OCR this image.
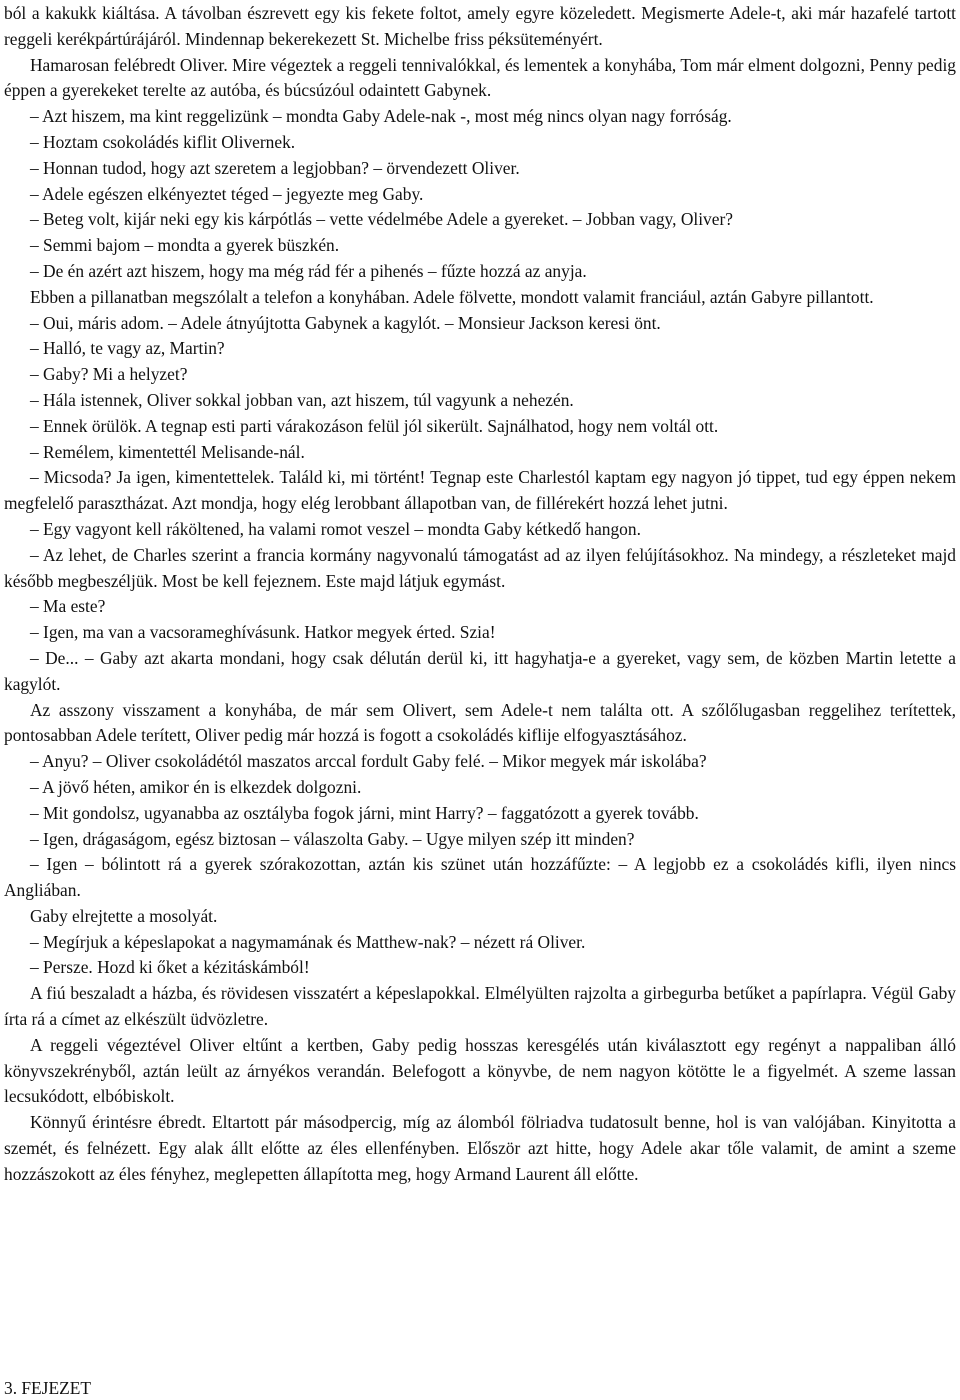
ból a kakukk kiáltása. A távolban észrevett egy kis fekete foltot, amely egyre közeledett. Megismerte Adele-t, aki már hazafelé tartott reggeli kerékpártúrájáról. Mindennap bekerekezett St. Michelbe friss péksüteményért.

Hamarosan felébredt Oliver. Mire végeztek a reggeli tennivalókkal, és lementek a konyhába, Tom már elment dolgozni, Penny pedig éppen a gyerekeket terelte az autóba, és búcsúzóul odaintett Gabynek.

– Azt hiszem, ma kint reggelizünk – mondta Gaby Adele-nak -, most még nincs olyan nagy forróság.

– Hoztam csokoládés kiflit Olivernek.

– Honnan tudod, hogy azt szeretem a legjobban? – örvendezett Oliver.

– Adele egészen elkényeztet téged – jegyezte meg Gaby.

– Beteg volt, kijár neki egy kis kárpótlás – vette védelmébe Adele a gyereket. – Jobban vagy, Oliver?

– Semmi bajom – mondta a gyerek büszkén.

– De én azért azt hiszem, hogy ma még rád fér a pihenés – fűzte hozzá az anyja.

Ebben a pillanatban megszólalt a telefon a konyhában. Adele fölvette, mondott valamit franciául, aztán Gabyre pillantott.

– Oui, máris adom. – Adele átnyújtotta Gabynek a kagylót. – Monsieur Jackson keresi önt.

– Halló, te vagy az, Martin?

– Gaby? Mi a helyzet?

– Hála istennek, Oliver sokkal jobban van, azt hiszem, túl vagyunk a nehezén.

– Ennek örülök. A tegnap esti parti várakozáson felül jól sikerült. Sajnálhatod, hogy nem voltál ott.

– Remélem, kimentettél Melisande-nál.

– Micsoda? Ja igen, kimentettelek. Találd ki, mi történt! Tegnap este Charlestól kaptam egy nagyon jó tippet, tud egy éppen nekem megfelelő parasztházat. Azt mondja, hogy elég lerobbant állapotban van, de fillérekért hozzá lehet jutni.

– Egy vagyont kell ráköltened, ha valami romot veszel – mondta Gaby kétkedő hangon.

– Az lehet, de Charles szerint a francia kormány nagyvonalú támogatást ad az ilyen felújításokhoz. Na mindegy, a részleteket majd később megbeszéljük. Most be kell fejeznem. Este majd látjuk egymást.

– Ma este?

– Igen, ma van a vacsorameghívásunk. Hatkor megyek érted. Szia!

– De... – Gaby azt akarta mondani, hogy csak délután derül ki, itt hagyhatja-e a gyereket, vagy sem, de közben Martin letette a kagylót.

Az asszony visszament a konyhába, de már sem Olivert, sem Adele-t nem találta ott. A szőlőlugasban reggelihez terítettek, pontosabban Adele terített, Oliver pedig már hozzá is fogott a csokoládés kiflije elfogyasztásához.

– Anyu? – Oliver csokoládétól maszatos arccal fordult Gaby felé. – Mikor megyek már iskolába?

– A jövő héten, amikor én is elkezdek dolgozni.

– Mit gondolsz, ugyanabba az osztályba fogok járni, mint Harry? – faggatózott a gyerek tovább.

– Igen, drágaságom, egész biztosan – válaszolta Gaby. – Ugye milyen szép itt minden?

– Igen – bólintott rá a gyerek szórakozottan, aztán kis szünet után hozzáfűzte: – A legjobb ez a csokoládés kifli, ilyen nincs Angliában.

Gaby elrejtette a mosolyát.

– Megírjuk a képeslapokat a nagymamának és Matthew-nak? – nézett rá Oliver.

– Persze. Hozd ki őket a kézitáskámból!

A fiú beszaladt a házba, és rövidesen visszatért a képeslapokkal. Elmélyülten rajzolta a girbegurba betűket a papírlapra. Végül Gaby írta rá a címet az elkészült üdvözletre.

A reggeli végeztével Oliver eltűnt a kertben, Gaby pedig hosszas keresgélés után kiválasztott egy regényt a nappaliban álló könyvszekrényből, aztán leült az árnyékos verandán. Belefogott a könyvbe, de nem nagyon kötötte le a figyelmét. A szeme lassan lecsukódott, elbóbiskolt.

Könnyű érintésre ébredt. Eltartott pár másodpercig, míg az álomból fölriadva tudatosult benne, hol is van valójában. Kinyitotta a szemét, és felnézett. Egy alak állt előtte az éles ellenfényben. Először azt hitte, hogy Adele akar tőle valamit, de amint a szeme hozzászokott az éles fényhez, meglepetten állapította meg, hogy Armand Laurent áll előtte.

3. FEJEZET
